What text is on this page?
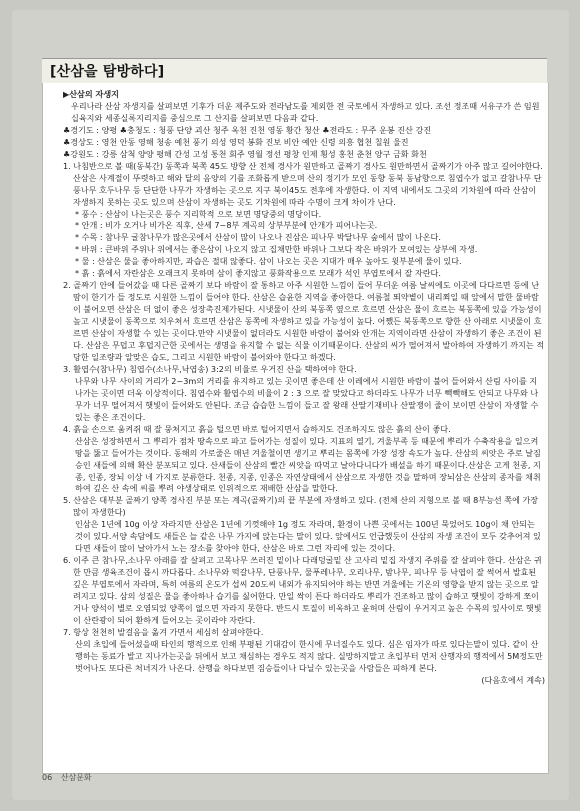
[산삼을 탐방하다]

▶산삼의 자생지

우리나라 산삼 자생지를 살펴보면 기후가 더운 제주도와 전라남도를 제외한 전 국토에서 자생하고 있다. 조선 정조때 서유구가 쓴 임원십육지와 세종실록지리지를 중심으로 그 산지를 살펴보면 다음과 같다.

♣경기도 : 양평 ♣충청도 : 청풍 단양 괴산 청주 옥천 진천 영동 황간 청산 ♣전라도 : 무주 운봉 진산 강진

♣경상도 : 영천 안동 영해 청송 예천 풍기 의성 영덕 봉화 진보 비안 예안 신령 의흥 협천 칠원 울진

♣강원도 : 강릉 삼척 양양 평해 간성 고성 통천 회주 영월 정선 평창 인제 횡성 홍천 춘천 양구 금화 화천

1. 나침반으로 볼 때(동북간) 동쪽과 북쪽 45도 방향 산 전체 경사가 원만하고 골짜기 경사도 원만하면서 골짜기가 아주 많고 길어야한다. 산삼은 사계절이 뚜렷하고 해와 달의 음양의 기를 조화롭게 받으며 산의 정기가 모인 동향 동북 동남향으로 침엽수가 없고 갈참나무 단풍나무 호두나무 등 단단한 나무가 자생하는 곳으로 지구 북이45도 전후에 자생한다. 이 지역 내에서도 그곳의 기차원에 따라 산삼이 자생하지 못하는 곳도 있으며 산삼이 자생하는 곳도 기차원에 따라 수명이 크게 차이가 난다.

* 풍수 : 산삼이 나는곳은 풍수 지리학적 으로 보면 명당중의 명당이다.

* 안개 : 비가 오거나 비가온 직후, 산세 7~8부 계곡의 상부부분에 안개가 피어나는곳.

* 수목 : 참나무 굴참나무가 많은곳에서 산삼이 많이 나오나 진삼은 피나무 박달나무 숲에서 많이 나온다.

* 바위 : 큰바위 주위나 위에서는 좋은삼이 나오지 않고 집채만한 바위나 그보다 작은 바위가 모여있는 상부에 자생.

* 물 : 산삼은 물을 좋아하지만, 과습은 절대 않좋다. 삼이 나오는 곳은 지대가 매우 높아도 윗부분에 물이 있다.

* 흙 : 흙에서 자란삼은 오래크지 못하며 삼이 좋지않고 풍화작용으로 모래가 석인 부엽토에서 잘 자란다.

2. 골짜기 안에 들어갔을 때 다른 골짜기 보다 바람이 잘 통하고 아주 시원한 느낌이 들어 무더운 여름 날씨에도 이곳에 다다르면 등에 난 땀이 한기가 들 정도로 시원한 느낌이 들어야 한다. 산삼은 습윤한 지역을 좋아한다. 여름철 뙤약볕이 내리쬐일 때 앞에서 말한 물바람이 불어오면 산삼은 더 없이 좋은 성장촉진제가된다. 시냇물이 산의 북동쪽 옆으로 흐르면 산삼은 물이 흐르는 북동쪽에 있을 가능성이 높고 시냇물이 동쪽으로 치우쳐서 흐르면 산삼은 동쪽에 자생하고 있을 가능성이 높다. 어쨌든 북동쪽으로 향한 산 아래로 시냇물이 흐르면 산삼이 자생할 수 있는 곳이다.만약 시냇물이 없더라도 시원한 바람이 불어와 안개는 지역이라면 산삼이 자생하기 좋은 조건이 된다. 산삼은 무덥고 후덥지근한 곳에서는 생명을 유지할 수 없는 식물 이기때문이다. 산삼의 씨가 떨어져서 발아하여 자생하기 까지는 적당한 일조량과 알맞은 습도, 그리고 시원한 바람이 불어와야 한다고 하겠다.

3. 활엽수(참나무) 침엽수(소나무,낙엽송) 3:2의 비율로 우거진 산을 택하여야 한다.

나무와 나무 사이의 거리가 2~3m의 거리를 유지하고 있는 곳이면 좋은데 산 이레에서 시원한 바람이 불어 들어와서 산림 사이를 지나가는 곳이면 더욱 이상적이다. 침엽수와 활엽수의 비율이 2 : 3 으로 잘 맞았다고 하더라도 나무가 너무 빽빽해도 안되고 나무와 나무가 너무 떨어져서 햇빛이 들어와도 안된다. 조금 습습한 느낌이 들고 잘 왕래 산딸기재비나 산딸쟁이 줄이 보이면 산삼이 자생할 수 있는 좋은 조건이다.

4. 흙을 손으로 움켜쥐 때 잘 뭉쳐지고 흙을 털으면 바로 털어지면서 습하지도 건조하지도 않은 흙의 산이 좋다.

산삼은 성장하면서 그 뿌리가 점차 땅속으로 파고 들어가는 성질이 있다. 지표의 열기, 겨울부족 등 때문에 뿌리가 수축작용을 일으켜 땅을 뚫고 들어가는 것이다. 동해의 가로줄은 매년 겨울철이면 생기고 뿌리는 몸쪽에 가장 성장 속도가 높다. 산삼의 씨앗은 주로 날짐승인 새들에 의해 확산 분포되고 있다. 산새들이 산삼의 빨간 씨앗을 따먹고 날아다니다가 배설을 하기 때문이다.산삼은 고게 천종, 지종, 인종, 장뇌 이상 네 가지로 분류한다. 천종, 지종, 인종은 자연상태에서 산삼으로 자생한 것을 말하며 장뇌삼은 산삼의 종자를 채취하여 깊은 산 속에 씨를 뿌려 야생상태로 인위적으로 재배한 산삼을 말한다.

5. 산삼은 대부분 골짜기 양쪽 경사진 부분 또는 계곡(골짜기)의 끝 부분에 자생하고 있다. (전체 산의 지형으로 볼 때 8부능선 쪽에 가장 많이 자생한다)

인삼은 1년에 10g 이상 자라지만 산삼은 1년에 기껏해야 1g 정도 자라며, 환경이 나쁜 곳에서는 100년 묵었어도 10g이 채 안되는 것이 있다.서양 속담에도 새들은 늘 같은 나무 가지에 앉는다는 말이 있다. 앞에서도 언급했듯이 산삼의 자생 조건이 모두 갖추어져 있다면 새들이 많이 날아가서 노는 장소를 찾아야 한다, 산삼은 바로 그런 자리에 있는 것이다.

6. 이주 큰 참나무,소나무 아래를 잘 살펴고 고목나무 쓰러진 밑이나 다래덩굴밑 산 고사리 밑집 자생지 주위를 잘 살펴야 한다. 산삼은 귀한 만큼 생육조건이 몹시 까다롭다. 소나무와 떡갈나무, 단풍나무, 물푸레나무, 오리나무, 밤나무, 피나무 등 낙엽이 잘 썩어서 발효된 깊은 부엽토에서 자라며, 특히 여름의 온도가 섭씨 20도씨 내외가 유지되어야 하는 반면 겨울에는 기온의 영향을 받지 않는 곳으로 알려지고 있다. 삼의 성질은 물을 좋아하나 습기를 싫어한다. 만일 싹이 튼다 하더라도 뿌리가 건조하고 많이 습하고 햇빛이 강하게 쪼이거나 양석이 별로 오염되었 양쪽이 없으면 자라지 못한다. 반드시 토질이 비옥하고 윤허며 산림이 우거지고 높은 수목의 잎사이로 햇빛이 산란광이 되어 환하게 들어오는 곳이라야 자란다.

7. 항상 천천히 발걸음을 옮겨 가면서 세심히 살펴야한다.

산의 초입에 들어섰을때 타인의 행적으로 인해 부평된 기대감이 한시에 무너질수도 있다. 심은 임자가 따로 있다는말이 있다. 같이 산행하는 동료가 발고 지나가는곳을 뒤에서 보고 채심하는 경우도 적지 않다. 실망하지말고 초입부터 먼저 산행자의 행적에서 5M정도만 벗어나도 또다른 처녀지가 나온다. 산행을 하다보면 짐승들이나 다닐수 있는곳을 사람들은 피하게 본다.

(다음호에서 계속)

06 산삼문화
